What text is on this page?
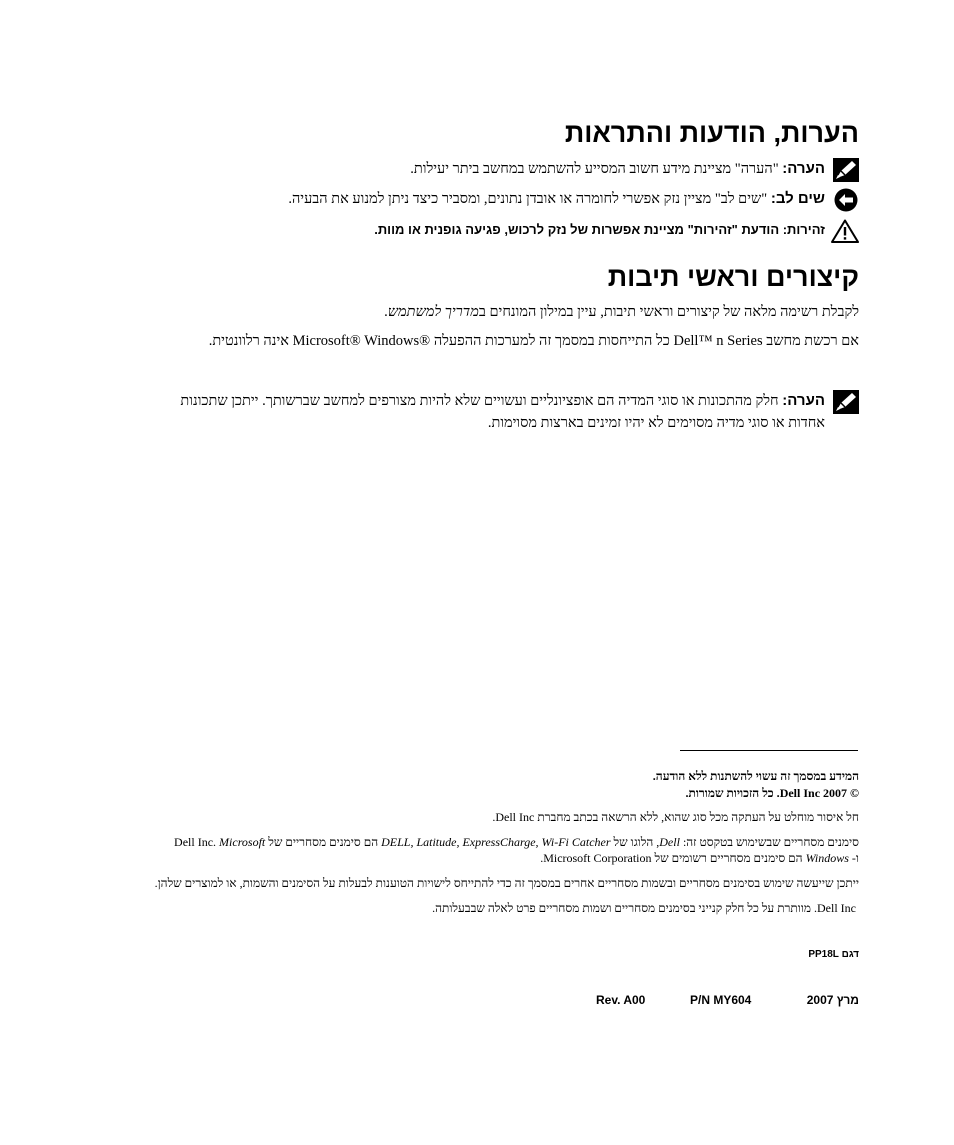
הערות, הודעות והתראות
הערה: "הערה" מציינת מידע חשוב המסייע להשתמש במחשב ביתר יעילות.
שים לב: "שים לב" מציין נזק אפשרי לחומרה או אובדן נתונים, ומסביר כיצד ניתן למנוע את הבעיה.
זהירות: הודעת "זהירות" מציינת אפשרות של נזק לרכוש, פגיעה גופנית או מוות.
קיצורים וראשי תיבות
לקבלת רשימה מלאה של קיצורים וראשי תיבות, עיין במילון המונחים במדריך למשתמש.
אם רכשת מחשב Dell™ n Series כל התייחסות במסמך זה למערכות ההפעלה Microsoft® Windows® אינה רלוונטית.
הערה: חלק מהתכונות או סוגי המדיה הם אופציונליים ועשויים שלא להיות מצורפים למחשב שברשותך. ייתכן שתכונות
אחדות או סוגי מדיה מסוימים לא יהיו זמינים בארצות מסוימות.
המידע במסמך זה עשוי להשתנות ללא הודעה.
© 2007 Dell Inc. כל הזכויות שמורות.
חל איסור מוחלט על העתקה מכל סוג שהוא, ללא הרשאה בכתב מחברת Dell Inc.
סימנים מסחריים שבשימוש בטקסט זה: Dell, הלוגו של DELL, Latitude, ExpressCharge, Wi-Fi Catcher הם סימנים מסחריים של Dell Inc. Microsoft
ו- Windows הם סימנים מסחריים רשומים של Microsoft Corporation.
ייתכן שייעשה שימוש בסימנים מסחריים ובשמות מסחריים אחרים במסמך זה כדי להתייחס לישויות הטוענות לבעלות על הסימנים והשמות, או למוצרים שלהן.
Dell Inc. מוותרת על כל חלק קנייני בסימנים מסחריים ושמות מסחריים פרט לאלה שבבעלותה.
דגם PP18L
מרץ 2007
P/N MY604
Rev. A00
